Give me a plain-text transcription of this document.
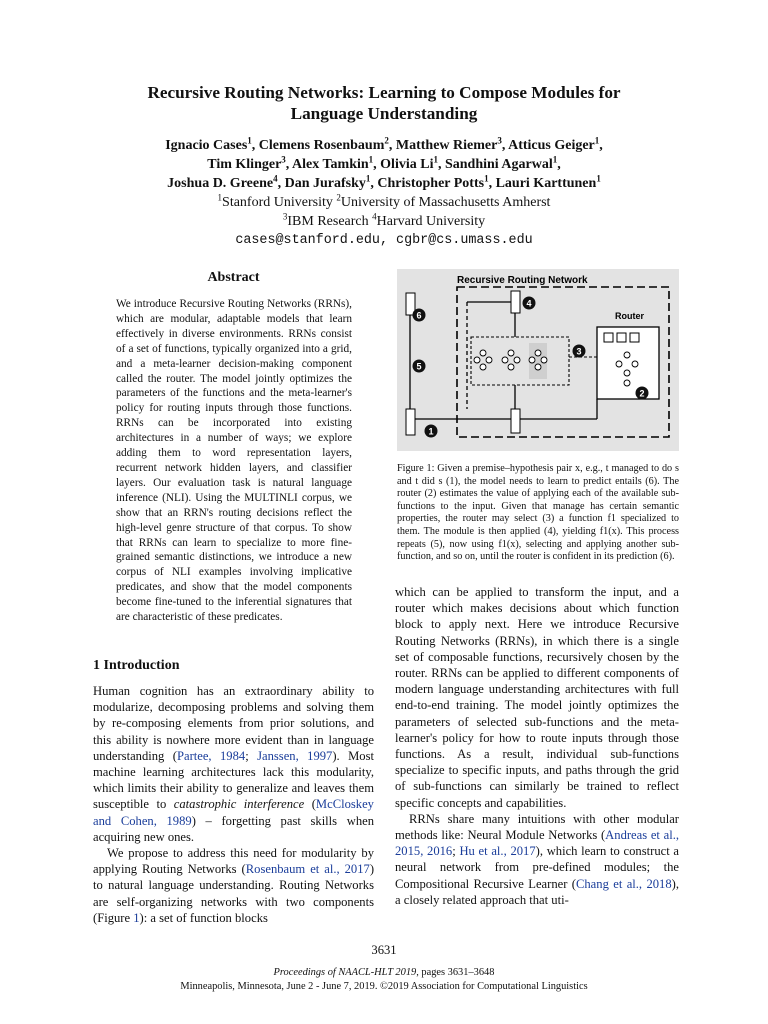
Recursive Routing Networks: Learning to Compose Modules for
Language Understanding
Ignacio Cases$^1$, Clemens Rosenbaum$^2$, Matthew Riemer$^3$, Atticus Geiger$^1$,
Tim Klinger$^3$, Alex Tamkin$^1$, Olivia Li$^1$, Sandhini Agarwal$^1$,
Joshua D. Greene$^4$, Dan Jurafsky$^1$, Christopher Potts$^1$, Lauri Karttunen$^1$
$^1$Stanford University $^2$University of Massachusetts Amherst
$^3$IBM Research $^4$Harvard University
cases@stanford.edu, cgbr@cs.umass.edu
Abstract
We introduce Recursive Routing Networks (RRNs), which are modular, adaptable models that learn effectively in diverse environments. RRNs consist of a set of functions, typically organized into a grid, and a meta-learner decision-making component called the router. The model jointly optimizes the parameters of the functions and the meta-learner's policy for routing inputs through those functions. RRNs can be incorporated into existing architectures in a number of ways; we explore adding them to word representation layers, recurrent network hidden layers, and classifier layers. Our evaluation task is natural language inference (NLI). Using the MULTINLI corpus, we show that an RRN's routing decisions reflect the high-level genre structure of that corpus. To show that RRNs can learn to specialize to more fine-grained semantic distinctions, we introduce a new corpus of NLI examples involving implicative predicates, and show that the model components become fine-tuned to the inferential signatures that are characteristic of these predicates.
1 Introduction

Human cognition has an extraordinary ability to modularize, decomposing problems and solving them by re-composing elements from prior solutions, and this ability is nowhere more evident than in language understanding (Partee, 1984; Janssen, 1997). Most machine learning architectures lack this modularity, which limits their ability to generalize and leaves them susceptible to catastrophic interference (McCloskey and Cohen, 1989) – forgetting past skills when acquiring new ones.

We propose to address this need for modularity by applying Routing Networks (Rosenbaum et al., 2017) to natural language understanding. Routing Networks are self-organizing networks with two components (Figure 1): a set of function blocks

Recursive Routing Network
Router
6
4
3
5
2
1
Figure 1: Given a premise–hypothesis pair x, e.g., t managed to do s and t did s (1), the model needs to learn to predict entails (6). The router (2) estimates the value of applying each of the available sub-functions to the input. Given that manage has certain semantic properties, the router may select (3) a function f1 specialized to them. The module is then applied (4), yielding f1(x). This process repeats (5), now using f1(x), selecting and applying another sub-function, and so on, until the router is confident in its prediction (6).

which can be applied to transform the input, and a router which makes decisions about which function block to apply next. Here we introduce Recursive Routing Networks (RRNs), in which there is a single set of composable functions, recursively chosen by the router. RRNs can be applied to different components of modern language understanding architectures with full end-to-end training. The model jointly optimizes the parameters of selected sub-functions and the meta-learner's policy for how to route inputs through those functions. As a result, individual sub-functions specialize to specific inputs, and paths through the grid of sub-functions can similarly be trained to reflect specific concepts and capabilities.

RRNs share many intuitions with other modular methods like: Neural Module Networks (Andreas et al., 2015, 2016; Hu et al., 2017), which learn to construct a neural network from pre-defined modules; the Compositional Recursive Learner (Chang et al., 2018), a closely related approach that uti-

3631
Proceedings of NAACL-HLT 2019, pages 3631–3648
Minneapolis, Minnesota, June 2 - June 7, 2019. ©2019 Association for Computational Linguistics
